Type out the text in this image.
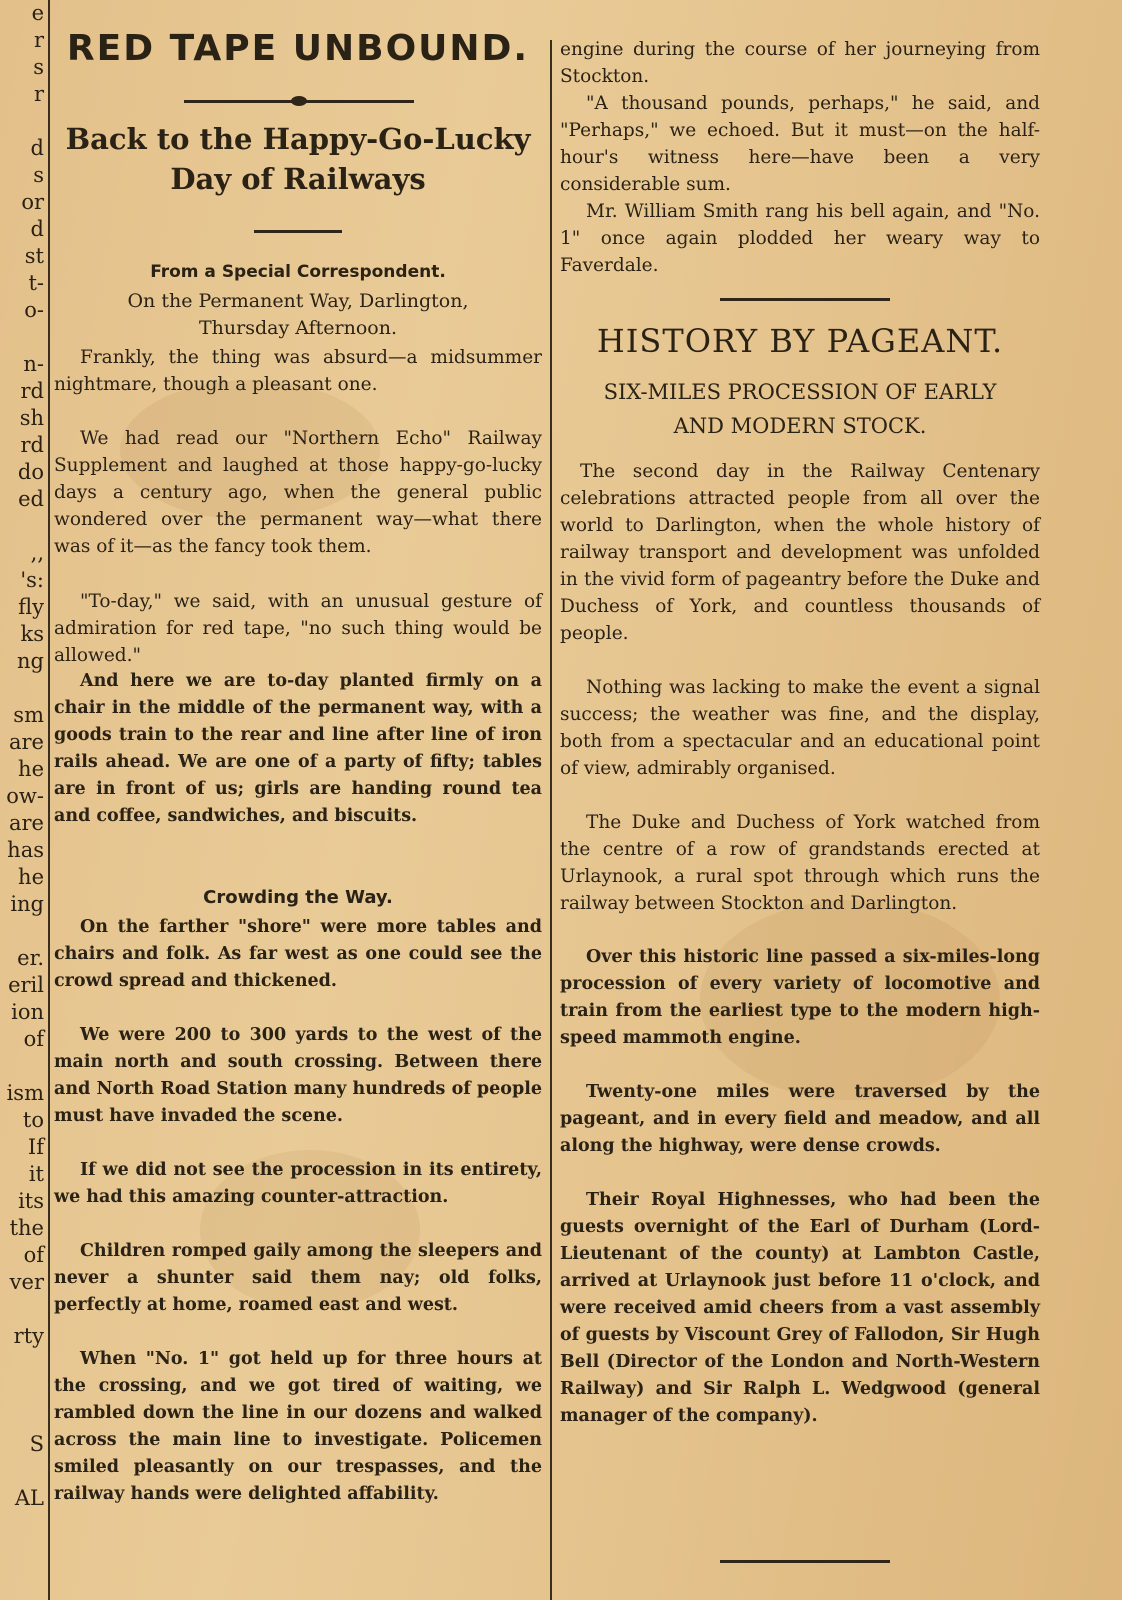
e
r
s
r
d
s
or
d
st
t-
o-
n-
rd
sh
rd
do
ed
,,
's:
fly
ks
ng
sm
are
he
ow-
are
has
he
ing
er.
eril
ion
of
ism
to
If
it
its
the
of
ver
rty
S
AL
RED TAPE UNBOUND.
Back to the Happy-Go-Lucky
Day of Railways
From a Special Correspondent.
On the Permanent Way, Darlington,
Thursday Afternoon.
Frankly, the thing was absurd—a midsummer nightmare, though a pleasant one.
We had read our "Northern Echo" Railway Supplement and laughed at those happy-go-lucky days a century ago, when the general public wondered over the permanent way—what there was of it—as the fancy took them.
"To-day," we said, with an unusual gesture of admiration for red tape, "no such thing would be allowed."
And here we are to-day planted firmly on a chair in the middle of the permanent way, with a goods train to the rear and line after line of iron rails ahead. We are one of a party of fifty; tables are in front of us; girls are handing round tea and coffee, sandwiches, and biscuits.
Crowding the Way.
On the farther "shore" were more tables and chairs and folk. As far west as one could see the crowd spread and thickened.
We were 200 to 300 yards to the west of the main north and south crossing. Between there and North Road Station many hundreds of people must have invaded the scene.
If we did not see the procession in its entirety, we had this amazing counter-attraction.
Children romped gaily among the sleepers and never a shunter said them nay; old folks, perfectly at home, roamed east and west.
When "No. 1" got held up for three hours at the crossing, and we got tired of waiting, we rambled down the line in our dozens and walked across the main line to investigate. Policemen smiled pleasantly on our trespasses, and the railway hands were delighted affability.
engine during the course of her journeying from Stockton.
"A thousand pounds, perhaps," he said, and "Perhaps," we echoed. But it must—on the half-hour's witness here—have been a very considerable sum.
Mr. William Smith rang his bell again, and "No. 1" once again plodded her weary way to Faverdale.
HISTORY BY PAGEANT.
SIX-MILES PROCESSION OF EARLY
AND MODERN STOCK.
The second day in the Railway Centenary celebrations attracted people from all over the world to Darlington, when the whole history of railway transport and development was unfolded in the vivid form of pageantry before the Duke and Duchess of York, and countless thousands of people.
Nothing was lacking to make the event a signal success; the weather was fine, and the display, both from a spectacular and an educational point of view, admirably organised.
The Duke and Duchess of York watched from the centre of a row of grandstands erected at Urlaynook, a rural spot through which runs the railway between Stockton and Darlington.
Over this historic line passed a six-miles-long procession of every variety of locomotive and train from the earliest type to the modern high-speed mammoth engine.
Twenty-one miles were traversed by the pageant, and in every field and meadow, and all along the highway, were dense crowds.
Their Royal Highnesses, who had been the guests overnight of the Earl of Durham (Lord-Lieutenant of the county) at Lambton Castle, arrived at Urlaynook just before 11 o'clock, and were received amid cheers from a vast assembly of guests by Viscount Grey of Fallodon, Sir Hugh Bell (Director of the London and North-Western Railway) and Sir Ralph L. Wedgwood (general manager of the company).
